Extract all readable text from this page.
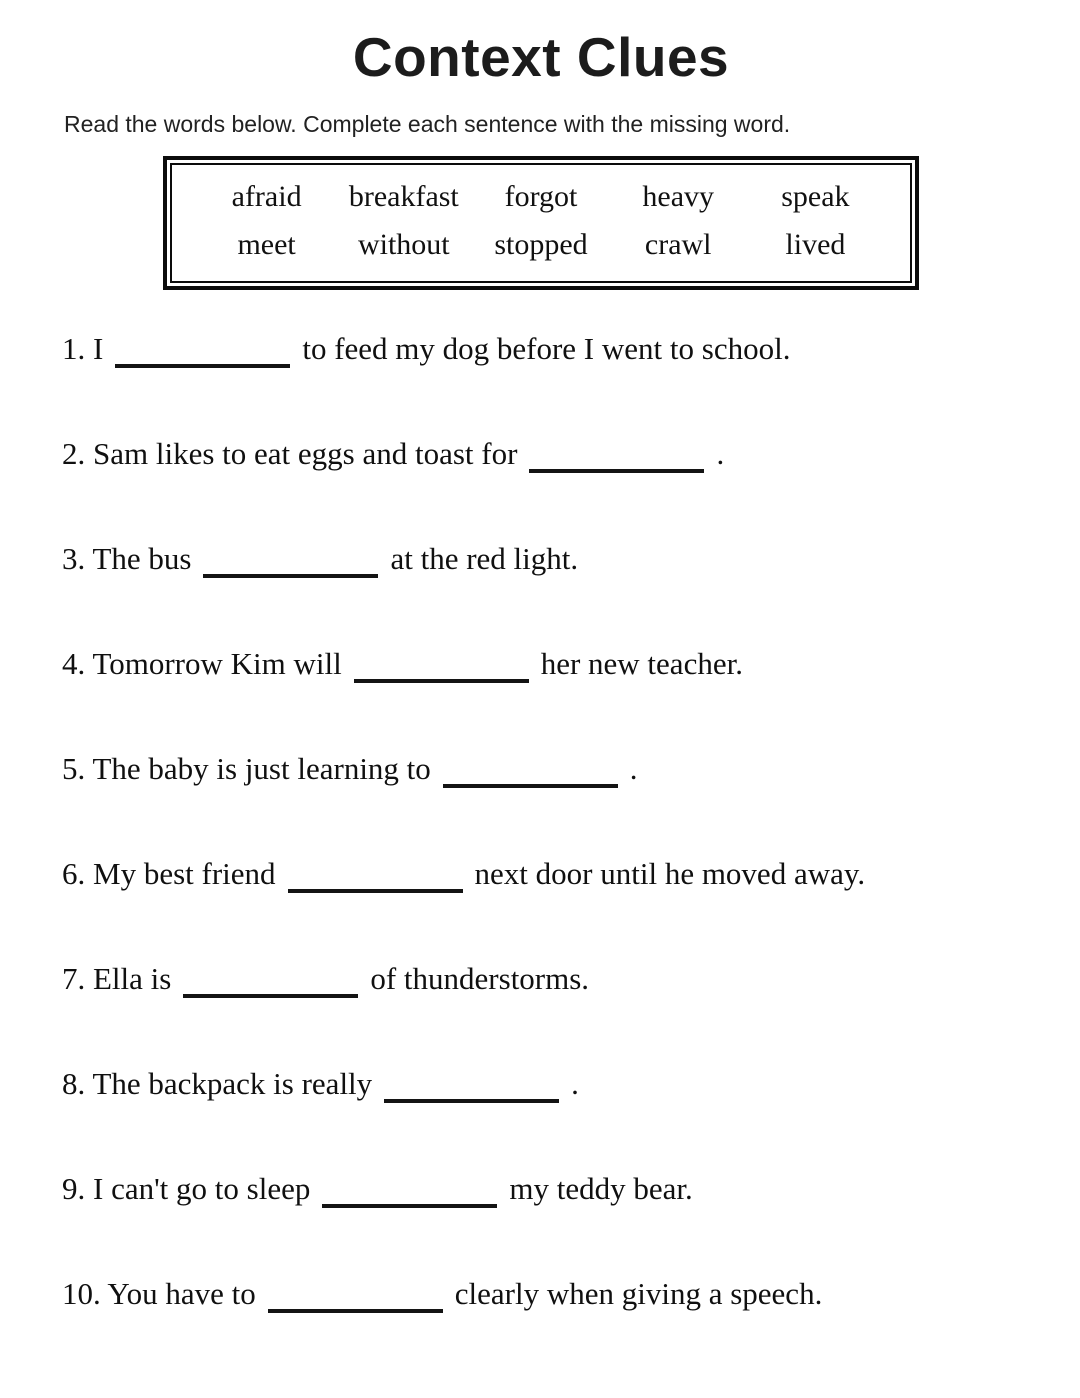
Context Clues

Read the words below. Complete each sentence with the missing word.

afraid	breakfast	forgot	heavy	speak
meet	without	stopped	crawl	lived
1. I	to feed my dog before I went to school.
2. Sam likes to eat eggs and toast for	.
3. The bus	at the red light.
4. Tomorrow Kim will	her new teacher.
5. The baby is just learning to	.
6. My best friend	next door until he moved away.
7. Ella is	of thunderstorms.
8. The backpack is really	.
9. I can't go to sleep	my teddy bear.
10. You have to	clearly when giving a speech.
